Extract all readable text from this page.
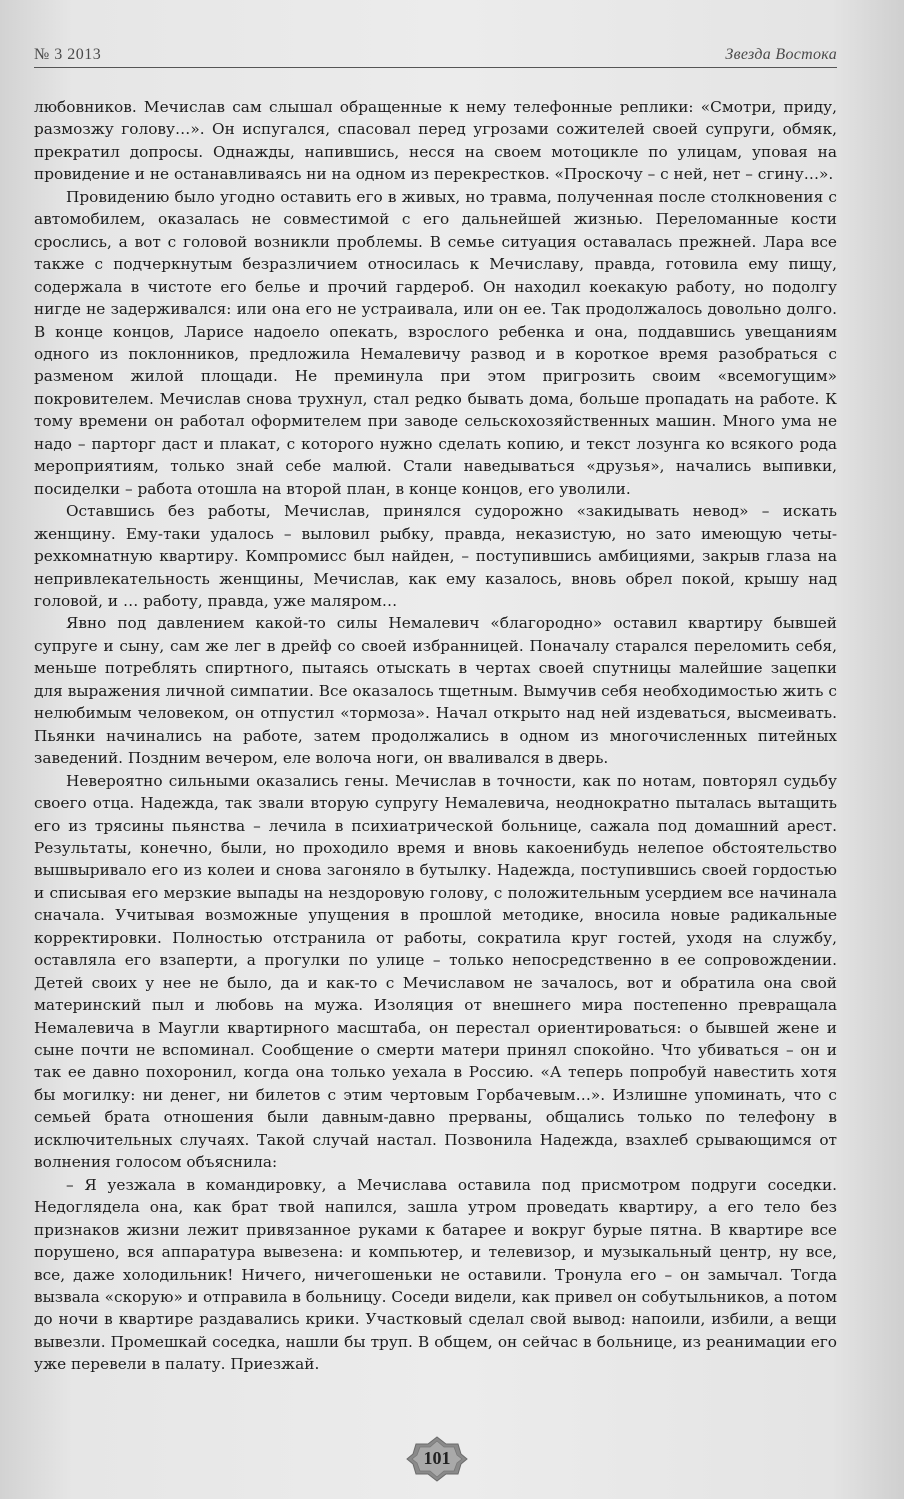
№ 3 2013	Звезда Востока

любовников. Мечислав сам слышал обращенные к нему телефонные реплики: «Смотри, приду, размозжу голову…». Он испугался, спасовал перед угрозами сожителей своей супруги, обмяк, прекратил допросы. Однажды, напившись, несся на своем мотоцикле по улицам, уповая на провидение и не останавливаясь ни на одном из перекрестков. «Проскочу – с ней, нет – сгину…».

Провидению было угодно оставить его в живых, но травма, полученная после столкновения с автомобилем, оказалась не совместимой с его дальнейшей жизнью. Переломанные кости срослись, а вот с головой возникли проблемы. В семье ситуация оставалась прежней. Лара все также с подчеркнутым безразличием относилась к Мечиславу, правда, готовила ему пищу, содержала в чистоте его белье и прочий гардероб. Он находил коекакую работу, но подолгу нигде не задерживался: или она его не устраивала, или он ее. Так продолжалось довольно долго. В конце концов, Ларисе надоело опекать, взрослого ребенка и она, поддавшись увещаниям одного из поклонников, предложила Немалевичу развод и в короткое время разобраться с разменом жилой площади. Не преминула при этом пригрозить своим «всемогущим» покровителем. Мечислав снова трухнул, стал редко бывать дома, больше пропадать на работе. К тому времени он работал оформителем при заводе сельскохозяйственных машин. Много ума не надо – парторг даст и плакат, с которого нужно сделать копию, и текст лозунга ко всякого рода мероприятиям, только знай себе малюй. Стали наведываться «друзья», начались выпивки, посиделки – работа отошла на второй план, в конце концов, его уволили.

Оставшись без работы, Мечислав, принялся судорожно «закидывать невод» – искать женщину. Ему-таки удалось – выловил рыбку, правда, неказистую, но зато имеющую четырехкомнатную квартиру. Компромисс был найден, – поступившись амбициями, закрыв глаза на непривлекательность женщины, Мечислав, как ему казалось, вновь обрел покой, крышу над головой, и … работу, правда, уже маляром…

Явно под давлением какой-то силы Немалевич «благородно» оставил квартиру бывшей супруге и сыну, сам же лег в дрейф со своей избранницей. Поначалу старался переломить себя, меньше потреблять спиртного, пытаясь отыскать в чертах своей спутницы малейшие зацепки для выражения личной симпатии. Все оказалось тщетным. Вымучив себя необходимостью жить с нелюбимым человеком, он отпустил «тормоза». Начал открыто над ней издеваться, высмеивать. Пьянки начинались на работе, затем продолжались в одном из многочисленных питейных заведений. Поздним вечером, еле волоча ноги, он вваливался в дверь.

Невероятно сильными оказались гены. Мечислав в точности, как по нотам, повторял судьбу своего отца. Надежда, так звали вторую супругу Немалевича, неоднократно пыталась вытащить его из трясины пьянства – лечила в психиатрической больнице, сажала под домашний арест. Результаты, конечно, были, но проходило время и вновь какоенибудь нелепое обстоятельство вышвыривало его из колеи и снова загоняло в бутылку. Надежда, поступившись своей гордостью и списывая его мерзкие выпады на нездоровую голову, с положительным усердием все начинала сначала. Учитывая возможные упущения в прошлой методике, вносила новые радикальные корректировки. Полностью отстранила от работы, сократила круг гостей, уходя на службу, оставляла его взаперти, а прогулки по улице – только непосредственно в ее сопровождении. Детей своих у нее не было, да и как-то с Мечиславом не зачалось, вот и обратила она свой материнский пыл и любовь на мужа. Изоляция от внешнего мира постепенно превращала Немалевича в Маугли квартирного масштаба, он перестал ориентироваться: о бывшей жене и сыне почти не вспоминал. Сообщение о смерти матери принял спокойно. Что убиваться – он и так ее давно похоронил, когда она только уехала в Россию. «А теперь попробуй навестить хотя бы могилку: ни денег, ни билетов с этим чертовым Горбачевым…». Излишне упоминать, что с семьей брата отношения были давным-давно прерваны, общались только по телефону в исключительных случаях. Такой случай настал. Позвонила Надежда, взахлеб срывающимся от волнения голосом объяснила:

– Я уезжала в командировку, а Мечислава оставила под присмотром подруги соседки. Недоглядела она, как брат твой напился, зашла утром проведать квартиру, а его тело без признаков жизни лежит привязанное руками к батарее и вокруг бурые пятна. В квартире все порушено, вся аппаратура вывезена: и компьютер, и телевизор, и музыкальный центр, ну все, все, даже холодильник! Ничего, ничегошеньки не оставили. Тронула его – он замычал. Тогда вызвала «скорую» и отправила в больницу. Соседи видели, как привел он собутыльников, а потом до ночи в квартире раздавались крики. Участковый сделал свой вывод: напоили, избили, а вещи вывезли. Промешкай соседка, нашли бы труп. В общем, он сейчас в больнице, из реанимации его уже перевели в палату. Приезжай.

101
